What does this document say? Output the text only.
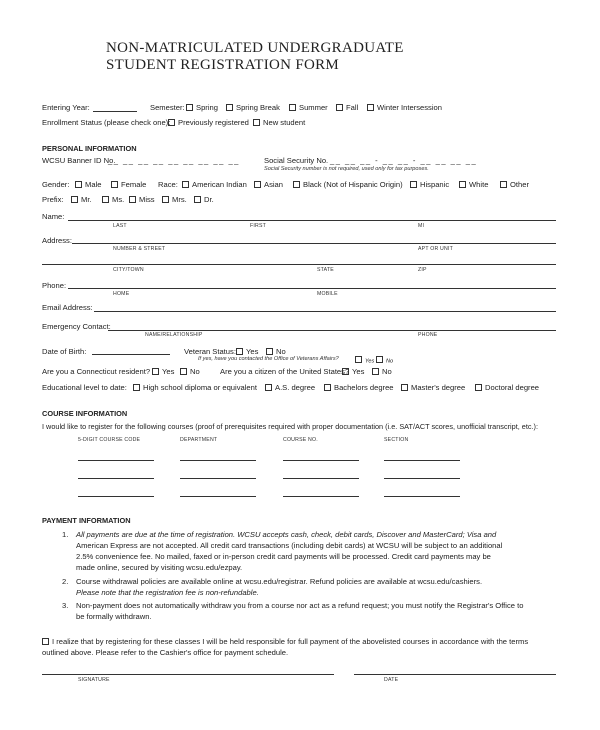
NON-MATRICULATED UNDERGRADUATE
STUDENT REGISTRATION FORM
Entering Year:	Semester:	Spring	Spring Break	Summer	Fall	Winter Intersession
Enrollment Status (please check one):	Previously registered	New student
PERSONAL INFORMATION
WCSU Banner ID No.
__ __ __ __ __ __ __ __ __	Social Security No. __ __ __ - __ __ - __ __ __ __
Social Security number is not required, used only for tax purposes.
Gender:	Male	Female Race:	American Indian	Asian	Black (Not of Hispanic Origin)	Hispanic	White	Other
Prefix:	Mr.	Ms.	Miss	Mrs.	Dr.
Name:
LAST	FIRST	MI
Address:
NUMBER & STREET	APT OR UNIT
CITY/TOWN	STATE	ZIP
Phone:
HOME	MOBILE
Email Address:
Emergency Contact:
NAME/RELATIONSHIP	PHONE
Date of Birth:	Veteran Status:	Yes	No
If yes, have you contacted the Office of Veterans Affairs?	Yes	No
Are you a Connecticut resident?	Yes	No	Are you a citizen of the United States? Yes	No
Educational level to date:	High school diploma or equivalent	A.S. degree	Bachelors degree	Master's degree	Doctoral degree
COURSE INFORMATION
I would like to register for the following courses (proof of prerequisites required with proper documentation (i.e. SAT/ACT scores, unofficial transcript, etc.):
5-DIGIT COURSE CODE	DEPARTMENT	COURSE NO.	SECTION
PAYMENT INFORMATION
1. All payments are due at the time of registration. WCSU accepts cash, check, debit cards, Discover and MasterCard; Visa and
American Express are not accepted. All credit card transactions (including debit cards) at WCSU will be subject to an additional
2.5% convenience fee. No mailed, faxed or in-person credit card payments will be processed. Credit card payments may be
made online, secured by visiting wcsu.edu/ezpay.
2. Course withdrawal policies are available online at wcsu.edu/registrar. Refund policies are available at wcsu.edu/cashiers.
Please note that the registration fee is non-refundable.
3. Non-payment does not automatically withdraw you from a course nor act as a refund request; you must notify the Registrar's Office to
be formally withdrawn.
I realize that by registering for these classes I will be held responsible for full payment of the abovelisted courses in accordance with the terms
outlined above. Please refer to the Cashier's office for payment schedule.
SIGNATURE	DATE
